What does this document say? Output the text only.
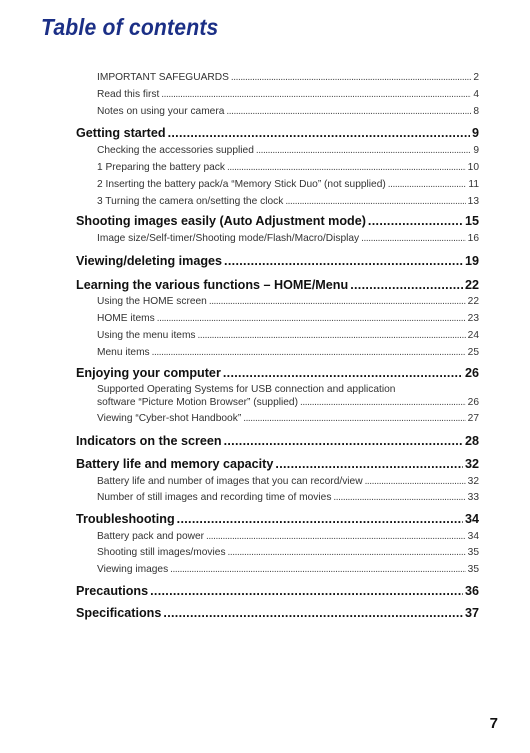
Table of contents
IMPORTANT SAFEGUARDS . . .	2
Read this first . . .	4
Notes on using your camera . . .	8
Getting started . . .	9
Checking the accessories supplied . . .	9
1 Preparing the battery pack . . .	10
2 Inserting the battery pack/a “Memory Stick Duo” (not supplied) . . .	11
3 Turning the camera on/setting the clock . . .	13
Shooting images easily (Auto Adjustment mode) . . .	15
Image size/Self-timer/Shooting mode/Flash/Macro/Display . . .	16
Viewing/deleting images . . .	19
Learning the various functions – HOME/Menu . . .	22
Using the HOME screen . . .	22
HOME items . . .	23
Using the menu items . . .	24
Menu items . . .	25
Enjoying your computer . . .	26
Supported Operating Systems for USB connection and application
software “Picture Motion Browser” (supplied) . . .	26
Viewing “Cyber-shot Handbook” . . .	27
Indicators on the screen . . .	28
Battery life and memory capacity . . .	32
Battery life and number of images that you can record/view . . .	32
Number of still images and recording time of movies . . .	33
Troubleshooting . . .	34
Battery pack and power . . .	34
Shooting still images/movies . . .	35
Viewing images . . .	35
Precautions . . .	36
Specifications . . .	37
7
